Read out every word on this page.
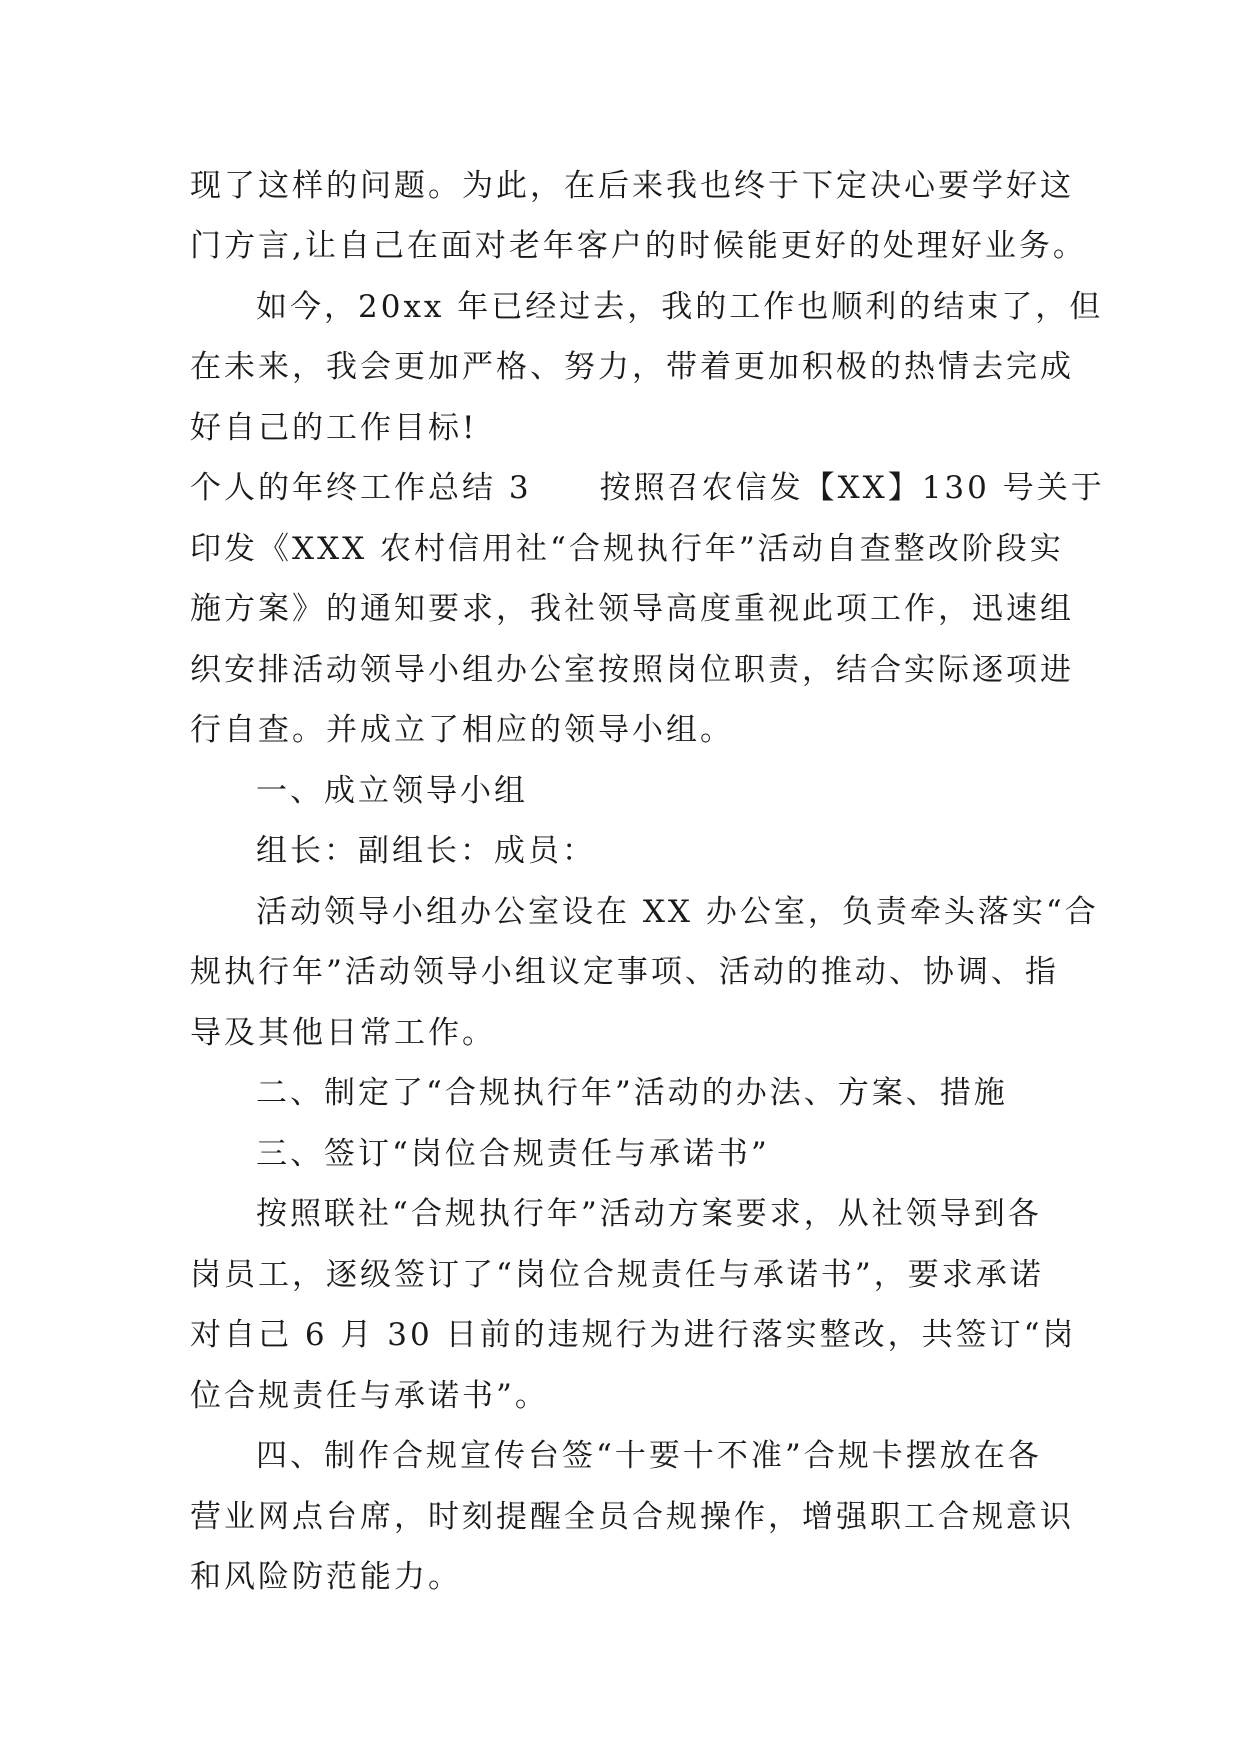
现了这样的问题。为此，在后来我也终于下定决心要学好这
门方言,让自己在面对老年客户的时候能更好的处理好业务。
如今，20xx 年已经过去，我的工作也顺利的结束了，但
在未来，我会更加严格、努力，带着更加积极的热情去完成
好自己的工作目标!
个人的年终工作总结 3　　按照召农信发【XX】130 号关于
印发《XXX 农村信用社“合规执行年”活动自查整改阶段实
施方案》的通知要求，我社领导高度重视此项工作，迅速组
织安排活动领导小组办公室按照岗位职责，结合实际逐项进
行自查。并成立了相应的领导小组。
一、成立领导小组
组长：副组长：成员：
活动领导小组办公室设在 XX 办公室，负责牵头落实“合
规执行年”活动领导小组议定事项、活动的推动、协调、指
导及其他日常工作。
二、制定了“合规执行年”活动的办法、方案、措施
三、签订“岗位合规责任与承诺书”
按照联社“合规执行年”活动方案要求，从社领导到各
岗员工，逐级签订了“岗位合规责任与承诺书”，要求承诺
对自己 6 月 30 日前的违规行为进行落实整改，共签订“岗
位合规责任与承诺书”。
四、制作合规宣传台签“十要十不准”合规卡摆放在各
营业网点台席，时刻提醒全员合规操作，增强职工合规意识
和风险防范能力。
